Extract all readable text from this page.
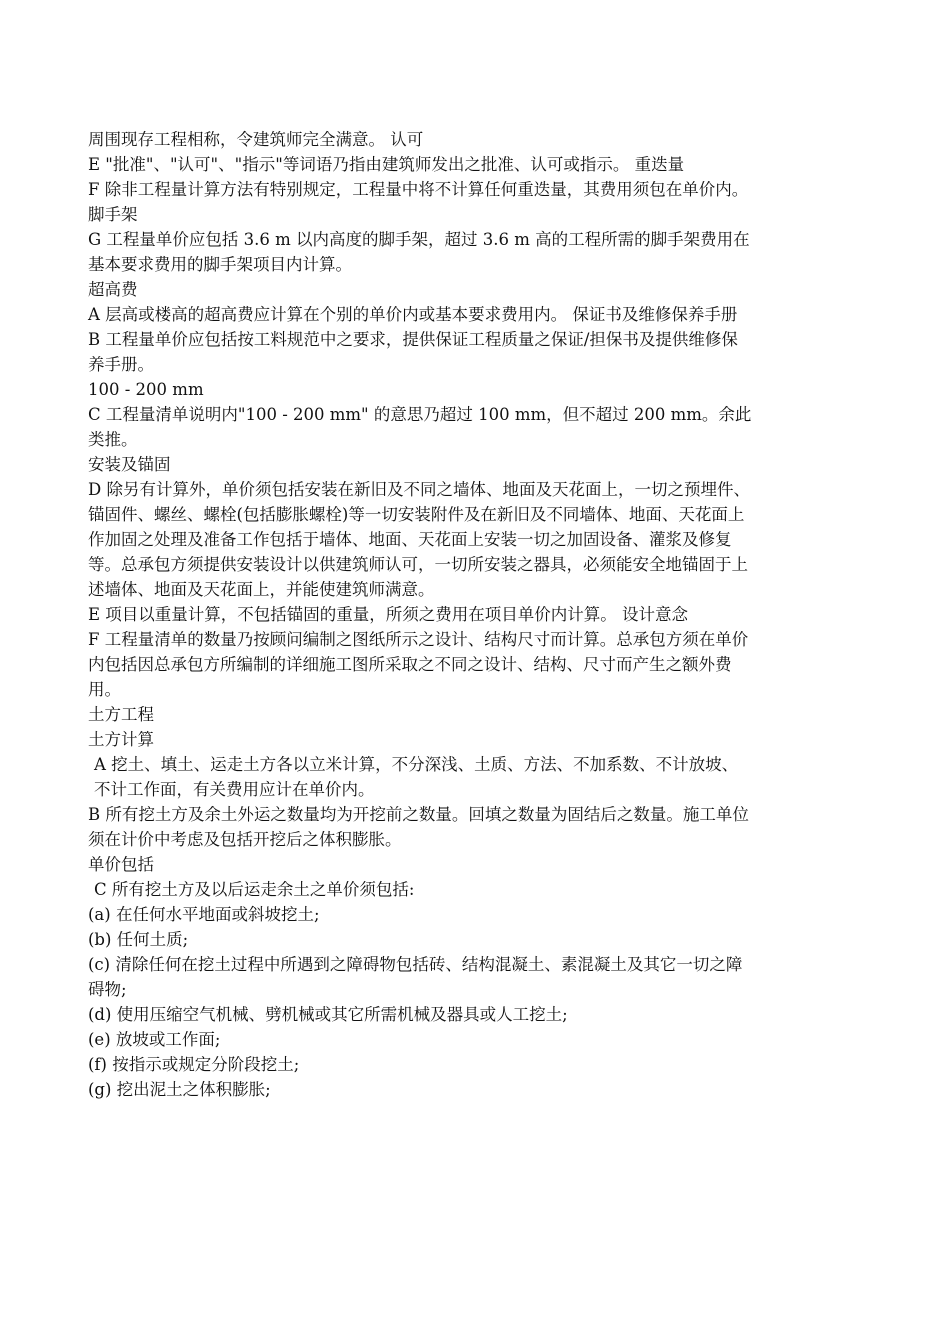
周围现存工程相称，令建筑师完全满意。 认可
E "批准"、"认可"、"指示"等词语乃指由建筑师发出之批准、认可或指示。 重迭量
F 除非工程量计算方法有特别规定，工程量中将不计算任何重迭量，其费用须包在单价内。
脚手架
G 工程量单价应包括 3.6 m 以内高度的脚手架，超过 3.6 m 高的工程所需的脚手架费用在基本要求费用的脚手架项目内计算。
超高费
A 层高或楼高的超高费应计算在个别的单价内或基本要求费用内。 保证书及维修保养手册
B 工程量单价应包括按工料规范中之要求，提供保证工程质量之保证/担保书及提供维修保养手册。
100 - 200 mm
C 工程量清单说明内"100 - 200 mm" 的意思乃超过 100 mm，但不超过 200 mm。余此类推。
安装及锚固
D 除另有计算外，单价须包括安装在新旧及不同之墙体、地面及天花面上，一切之预埋件、锚固件、螺丝、螺栓(包括膨胀螺栓)等一切安装附件及在新旧及不同墙体、地面、天花面上作加固之处理及准备工作包括于墙体、地面、天花面上安装一切之加固设备、灌浆及修复等。总承包方须提供安装设计以供建筑师认可，一切所安装之器具，必须能安全地锚固于上述墙体、地面及天花面上，并能使建筑师满意。
E 项目以重量计算，不包括锚固的重量，所须之费用在项目单价内计算。 设计意念
F 工程量清单的数量乃按顾问编制之图纸所示之设计、结构尺寸而计算。总承包方须在单价内包括因总承包方所编制的详细施工图所采取之不同之设计、结构、尺寸而产生之额外费用。
土方工程
土方计算
A 挖土、填土、运走土方各以立米计算，不分深浅、土质、方法、不加系数、不计放坡、不计工作面，有关费用应计在单价内。
B 所有挖土方及余土外运之数量均为开挖前之数量。回填之数量为固结后之数量。施工单位须在计价中考虑及包括开挖后之体积膨胀。
单价包括
C 所有挖土方及以后运走余土之单价须包括:
(a) 在任何水平地面或斜坡挖土;
(b) 任何土质;
(c) 清除任何在挖土过程中所遇到之障碍物包括砖、结构混凝土、素混凝土及其它一切之障碍物;
(d) 使用压缩空气机械、劈机械或其它所需机械及器具或人工挖土;
(e) 放坡或工作面;
(f) 按指示或规定分阶段挖土;
(g) 挖出泥土之体积膨胀;
